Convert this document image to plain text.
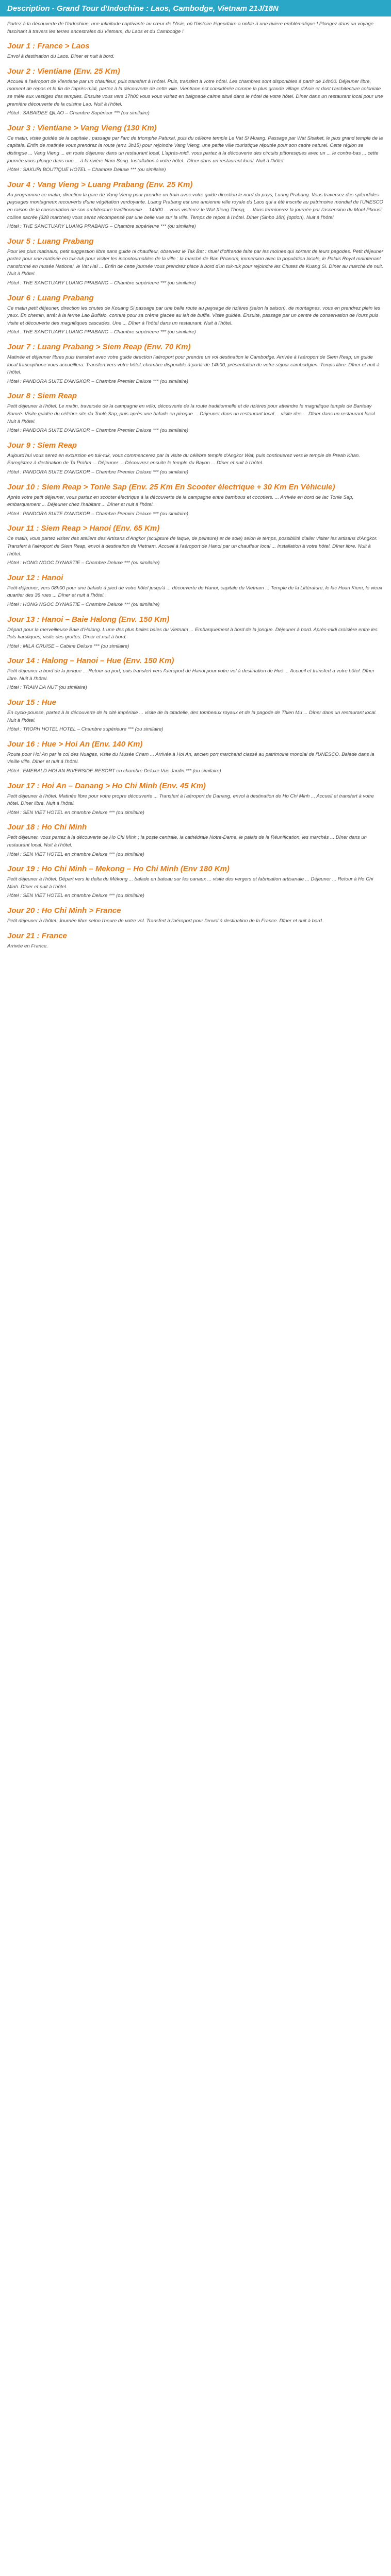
Description - Grand Tour d'Indochine : Laos, Cambodge, Vietnam 21J/18N

Partez à la découverte de l'Indochine, une infinitude captivante au cœur de l'Asie, où l'histoire légendaire a noble à une riviere emblématique ! Plongez dans un voyage fascinant à travers les terres ancestrales du Vietnam, du Laos et du Cambodge !

Jour 1 : France > Laos

Envol à destination du Laos. Dîner et nuit à bord.

Jour 2 : Vientiane (Env. 25 Km)

Accueil à l'aéroport de Vientiane par un chauffeur, puis transfert à l'hôtel. Puis, transfert à votre hôtel. Les chambres sont disponibles à partir de 14h00. Déjeuner libre, moment de repos et la fin de l'après-midi, partez à la découverte de cette ville. Vientiane est considérée comme la plus grande village d'Asie et dont l'architecture coloniale se mêle aux vestiges des temples. Ensuite vous vers 17h00 vous vous visitez en baignade calme situé dans le hôtel de votre hôtel. Dîner dans un restaurant local pour une première découverte de la cuisine Lao. Nuit à l'hôtel.

Hôtel : SABAIDEE @LAO – Chambre Supérieur *** (ou similaire)

Jour 3 : Vientiane > Vang Vieng (130 Km)

Ce matin, visite guidée de la capitale : passage par l'arc de triomphe Patuxai, puis du célèbre temple Le Vat Si Muang. Passage par Wat Sisaket, le plus grand temple de la capitale. Enfin de matinée vous prendrez la route (env. 3h15) pour rejoindre Vang Vieng, une petite ville touristique réputée pour son cadre naturel. Cette région se distingue ... Vang Vieng ... en route déjeuner dans un restaurant local. L'après-midi, vous partez à la découverte des circuits pittoresques avec un ... le contre-bas ... cette journée vous plonge dans une ... à la rivière Nam Song. Installation à votre hôtel . Dîner dans un restaurant local. Nuit à l'hôtel.

Hôtel : SAKURI BOUTIQUE HOTEL – Chambre Deluxe *** (ou similaire)

Jour 4 : Vang Vieng > Luang Prabang (Env. 25 Km)

Au programme ce matin, direction la gare de Vang Vieng pour prendre un train avec votre guide direction le nord du pays, Luang Prabang. Vous traversez des splendides paysages montagneux recouverts d'une végétation verdoyante. Luang Prabang est une ancienne ville royale du Laos qui a été inscrite au patrimoine mondial de l'UNESCO en raison de la conservation de son architecture traditionnelle ... 14h00 ... vous visiterez le Wat Xieng Thong, ... Vous terminerez la journée par l'ascension du Mont Phousi, colline sacrée (328 marches) vous serez récompensé par une belle vue sur la ville. Temps de repos à l'hôtel. Dîner (Sinbo 18h) (option). Nuit à l'hôtel.

Hôtel : THE SANCTUARY LUANG PRABANG – Chambre supérieure *** (ou similaire)

Jour 5 : Luang Prabang

Pour les plus matinaux, petit suggestion libre sans guide ni chauffeur, observez le Tak Bat : rituel d'offrande faite par les moines qui sortent de leurs pagodes. Petit déjeuner partez pour une matinée en tuk-tuk pour visiter les incontournables de la ville : la marché de Ban Phanom, immersion avec la population locale, le Palais Royal maintenant transformé en musée National, le Vat Haï ... Enfin de cette journée vous prendrez place à bord d'un tuk-tuk pour rejoindre les Chutes de Kuang Si. Dîner au marché de nuit. Nuit à l'hôtel.

Hôtel : THE SANCTUARY LUANG PRABANG – Chambre supérieure *** (ou similaire)

Jour 6 : Luang Prabang

Ce matin petit déjeuner, direction les chutes de Kouang Si passage par une belle route au paysage de rizières (selon la saison), de montagnes, vous en prendrez plein les yeux. En chemin, arrêt à la ferme Lao Buffalo, connue pour sa crème glacée au lait de buffle. Visite guidée. Ensuite, passage par un centre de conservation de l'ours puis visite et découverte des magnifiques cascades. Une ... Dîner à l'hôtel dans un restaurant. Nuit à l'hôtel.

Hôtel : THE SANCTUARY LUANG PRABANG – Chambre supérieure *** (ou similaire)

Jour 7 : Luang Prabang > Siem Reap (Env. 70 Km)

Matinée et déjeuner libres puis transfert avec votre guide direction l'aéroport pour prendre un vol destination le Cambodge. Arrivée à l'aéroport de Siem Reap, un guide local francophone vous accueillera. Transfert vers votre hôtel, chambre disponible à partir de 14h00, présentation de votre séjour cambodgien. Temps libre. Dîner et nuit à l'hôtel.

Hôtel : PANDORA SUITE D'ANGKOR – Chambre Premier Deluxe *** (ou similaire)

Jour 8 : Siem Reap

Petit déjeuner à l'hôtel. Le matin, traversée de la campagne en vélo, découverte de la route traditionnelle et de rizières pour atteindre le magnifique temple de Banteay Samré. Visite guidée du célèbre site du Tonlé Sap, puis après une balade en pirogue ... Déjeuner dans un restaurant local ... visite des ... Dîner dans un restaurant local. Nuit à l'hôtel.

Hôtel : PANDORA SUITE D'ANGKOR – Chambre Premier Deluxe *** (ou similaire)

Jour 9 : Siem Reap

Aujourd'hui vous serez en excursion en tuk-tuk, vous commencerez par la visite du célèbre temple d'Angkor Wat, puis continuerez vers le temple de Preah Khan. Enregistrez à destination de Ta Prohm ... Déjeuner ... Découvrez ensuite le temple du Bayon ... Dîner et nuit à l'hôtel.

Hôtel : PANDORA SUITE D'ANGKOR – Chambre Premier Deluxe *** (ou similaire)

Jour 10 : Siem Reap > Tonle Sap (Env. 25 Km En Scooter électrique + 30 Km En Véhicule)

Après votre petit déjeuner, vous partez en scooter électrique à la découverte de la campagne entre bambous et cocotiers. ... Arrivée en bord de lac Tonle Sap, embarquement ... Déjeuner chez l'habitant ... Dîner et nuit à l'hôtel.

Hôtel : PANDORA SUITE D'ANGKOR – Chambre Premier Deluxe *** (ou similaire)

Jour 11 : Siem Reap > Hanoi (Env. 65 Km)

Ce matin, vous partez visiter des ateliers des Artisans d'Angkor (sculpture de laque, de peinture) et de soie) selon le temps, possibilité d'aller visiter les artisans d'Angkor. Transfert à l'aéroport de Siem Reap, envol à destination de Vietnam. Accueil à l'aéroport de Hanoi par un chauffeur local ... Installation à votre hôtel. Dîner libre. Nuit à l'hôtel.

Hôtel : HONG NGOC DYNASTIE – Chambre Deluxe *** (ou similaire)

Jour 12 : Hanoi

Petit-déjeuner, vers 08h00 pour une balade à pied de votre hôtel jusqu'à ... découverte de Hanoi, capitale du Vietnam ... Temple de la Littérature, le lac Hoan Kiem, le vieux quartier des 36 rues ... Dîner et nuit à l'hôtel.

Hôtel : HONG NGOC DYNASTIE – Chambre Deluxe *** (ou similaire)

Jour 13 : Hanoi – Baie Halong (Env. 150 Km)

Départ pour la merveilleuse Baie d'Halong. L'une des plus belles baies du Vietnam ... Embarquement à bord de la jonque. Déjeuner à bord. Après-midi croisière entre les îlots karstiques, visite des grottes. Dîner et nuit à bord.

Hôtel : MILA CRUISE – Cabine Deluxe *** (ou similaire)

Jour 14 : Halong – Hanoi – Hue (Env. 150 Km)

Petit déjeuner à bord de la jonque ... Retour au port, puis transfert vers l'aéroport de Hanoi pour votre vol à destination de Hué ... Accueil et transfert à votre hôtel. Dîner libre. Nuit à l'hôtel.

Hôtel : TRAIN DA NUT (ou similaire)

Jour 15 : Hue

En cyclo-pousse, partez à la découverte de la cité impériale ... visite de la citadelle, des tombeaux royaux et de la pagode de Thien Mu ... Dîner dans un restaurant local. Nuit à l'hôtel.

Hôtel : TROPH HOTEL HOTEL – Chambre supérieure *** (ou similaire)

Jour 16 : Hue > Hoi An (Env. 140 Km)

Route pour Hoi An par le col des Nuages, visite du Musée Cham ... Arrivée à Hoi An, ancien port marchand classé au patrimoine mondial de l'UNESCO. Balade dans la vieille ville. Dîner et nuit à l'hôtel.

Hôtel : EMERALD HOI AN RIVERSIDE RESORT en chambre Deluxe Vue Jardin *** (ou similaire)

Jour 17 : Hoi An – Danang > Ho Chi Minh (Env. 45 Km)

Petit déjeuner à l'hôtel. Matinée libre pour votre propre découverte ... Transfert à l'aéroport de Danang, envol à destination de Ho Chi Minh ... Accueil et transfert à votre hôtel. Dîner libre. Nuit à l'hôtel.

Hôtel : SEN VIET HOTEL en chambre Deluxe *** (ou similaire)

Jour 18 : Ho Chi Minh

Petit déjeuner, vous partez à la découverte de Ho Chi Minh : la poste centrale, la cathédrale Notre-Dame, le palais de la Réunification, les marchés ... Dîner dans un restaurant local. Nuit à l'hôtel.

Hôtel : SEN VIET HOTEL en chambre Deluxe *** (ou similaire)

Jour 19 : Ho Chi Minh – Mekong – Ho Chi Minh (Env 180 Km)

Petit déjeuner à l'hôtel. Départ vers le delta du Mékong ... balade en bateau sur les canaux ... visite des vergers et fabrication artisanale ... Déjeuner ... Retour à Ho Chi Minh. Dîner et nuit à l'hôtel.

Hôtel : SEN VIET HOTEL en chambre Deluxe *** (ou similaire)

Jour 20 : Ho Chi Minh > France

Petit déjeuner à l'hôtel. Journée libre selon l'heure de votre vol. Transfert à l'aéroport pour l'envol à destination de la France. Dîner et nuit à bord.

Jour 21 : France

Arrivée en France.
